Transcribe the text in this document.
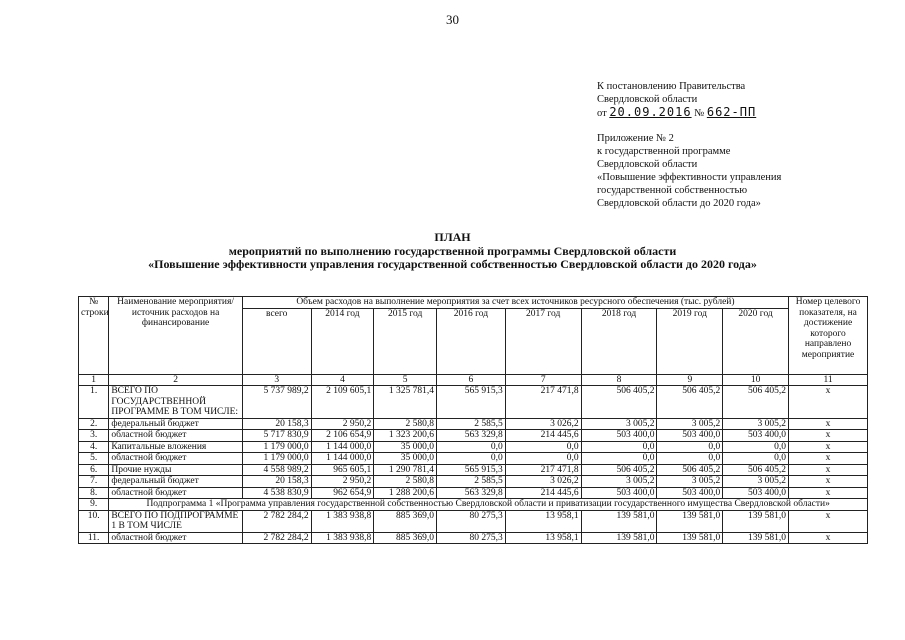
30
К постановлению Правительства
Свердловской области
от 20.09.2016 № 662-ПП
Приложение № 2
к государственной программе
Свердловской области
«Повышение эффективности управления
государственной собственностью
Свердловской области до 2020 года»
ПЛАН
мероприятий по выполнению государственной программы Свердловской области
«Повышение эффективности управления государственной собственностью Свердловской области до 2020 года»
№ строки	Наименование мероприятия/источник расходов на финансирование	Объем расходов на выполнение мероприятия за счет всех источников ресурсного обеспечения (тыс. рублей)								Номер целевого показателя, на достижение которого направлено мероприятие
		всего	2014 год	2015 год	2016 год	2017 год	2018 год	2019 год	2020 год	
1	2	3	4	5	6	7	8	9	10	11
1.	ВСЕГО ПО ГОСУДАРСТВЕННОЙ ПРОГРАММЕ В ТОМ ЧИСЛЕ:	5 737 989,2	2 109 605,1	1 325 781,4	565 915,3	217 471,8	506 405,2	506 405,2	506 405,2	x
2.	федеральный бюджет	20 158,3	2 950,2	2 580,8	2 585,5	3 026,2	3 005,2	3 005,2	3 005,2	x
3.	областной бюджет	5 717 830,9	2 106 654,9	1 323 200,6	563 329,8	214 445,6	503 400,0	503 400,0	503 400,0	x
4.	Капитальные вложения	1 179 000,0	1 144 000,0	35 000,0	0,0	0,0	0,0	0,0	0,0	x
5.	областной бюджет	1 179 000,0	1 144 000,0	35 000,0	0,0	0,0	0,0	0,0	0,0	x
6.	Прочие нужды	4 558 989,2	965 605,1	1 290 781,4	565 915,3	217 471,8	506 405,2	506 405,2	506 405,2	x
7.	федеральный бюджет	20 158,3	2 950,2	2 580,8	2 585,5	3 026,2	3 005,2	3 005,2	3 005,2	x
8.	областной бюджет	4 538 830,9	962 654,9	1 288 200,6	563 329,8	214 445,6	503 400,0	503 400,0	503 400,0	x
9.	Подпрограмма 1 «Программа управления государственной собственностью Свердловской области и приватизации государственного имущества Свердловской области»									
10.	ВСЕГО ПО ПОДПРОГРАММЕ 1 В ТОМ ЧИСЛЕ	2 782 284,2	1 383 938,8	885 369,0	80 275,3	13 958,1	139 581,0	139 581,0	139 581,0	x
11.	областной бюджет	2 782 284,2	1 383 938,8	885 369,0	80 275,3	13 958,1	139 581,0	139 581,0	139 581,0	x
